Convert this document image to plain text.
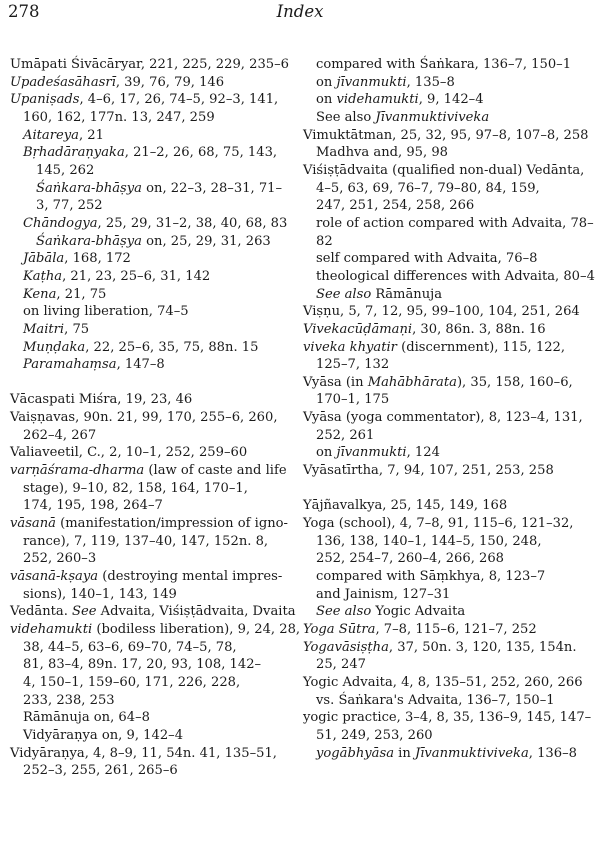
278	Index
Umāpati Śivācāryar, 221, 225, 229, 235–6
Upadeśasāhasrī, 39, 76, 79, 146
Upaniṣads, 4–6, 17, 26, 74–5, 92–3, 141,
160, 162, 177n. 13, 247, 259
Aitareya, 21
Bṛhadāraṇyaka, 21–2, 26, 68, 75, 143,
145, 262
Śaṅkara-bhāṣya on, 22–3, 28–31, 71–
3, 77, 252
Chāndogya, 25, 29, 31–2, 38, 40, 68, 83
Śaṅkara-bhāṣya on, 25, 29, 31, 263
Jābāla, 168, 172
Kaṭha, 21, 23, 25–6, 31, 142
Kena, 21, 75
on living liberation, 74–5
Maitri, 75
Muṇḍaka, 22, 25–6, 35, 75, 88n. 15
Paramahaṃsa, 147–8
Vācaspati Miśra, 19, 23, 46
Vaiṣṇavas, 90n. 21, 99, 170, 255–6, 260,
262–4, 267
Valiaveetil, C., 2, 10–1, 252, 259–60
varṇāśrama-dharma (law of caste and life
stage), 9–10, 82, 158, 164, 170–1,
174, 195, 198, 264–7
vāsanā (manifestation/impression of igno-
rance), 7, 119, 137–40, 147, 152n. 8,
252, 260–3
vāsanā-kṣaya (destroying mental impres-
sions), 140–1, 143, 149
Vedānta. See Advaita, Viśiṣṭādvaita, Dvaita
videhamukti (bodiless liberation), 9, 24, 28,
38, 44–5, 63–6, 69–70, 74–5, 78,
81, 83–4, 89n. 17, 20, 93, 108, 142–
4, 150–1, 159–60, 171, 226, 228,
233, 238, 253
Rāmānuja on, 64–8
Vidyāraṇya on, 9, 142–4
Vidyāraṇya, 4, 8–9, 11, 54n. 41, 135–51,
252–3, 255, 261, 265–6
compared with Śaṅkara, 136–7, 150–1
on jīvanmukti, 135–8
on videhamukti, 9, 142–4
See also Jīvanmuktiviveka
Vimuktātman, 25, 32, 95, 97–8, 107–8, 258
Madhva and, 95, 98
Viśiṣṭādvaita (qualified non-dual) Vedānta,
4–5, 63, 69, 76–7, 79–80, 84, 159,
247, 251, 254, 258, 266
role of action compared with Advaita, 78–
82
self compared with Advaita, 76–8
theological differences with Advaita, 80–4
See also Rāmānuja
Viṣṇu, 5, 7, 12, 95, 99–100, 104, 251, 264
Vivekacūḍāmaṇi, 30, 86n. 3, 88n. 16
viveka khyatir (discernment), 115, 122,
125–7, 132
Vyāsa (in Mahābhārata), 35, 158, 160–6,
170–1, 175
Vyāsa (yoga commentator), 8, 123–4, 131,
252, 261
on jīvanmukti, 124
Vyāsatīrtha, 7, 94, 107, 251, 253, 258
Yājñavalkya, 25, 145, 149, 168
Yoga (school), 4, 7–8, 91, 115–6, 121–32,
136, 138, 140–1, 144–5, 150, 248,
252, 254–7, 260–4, 266, 268
compared with Sāṃkhya, 8, 123–7
and Jainism, 127–31
See also Yogic Advaita
Yoga Sūtra, 7–8, 115–6, 121–7, 252
Yogavāsiṣṭha, 37, 50n. 3, 120, 135, 154n.
25, 247
Yogic Advaita, 4, 8, 135–51, 252, 260, 266
vs. Śaṅkara's Advaita, 136–7, 150–1
yogic practice, 3–4, 8, 35, 136–9, 145, 147–
51, 249, 253, 260
yogābhyāsa in Jīvanmuktiviveka, 136–8
